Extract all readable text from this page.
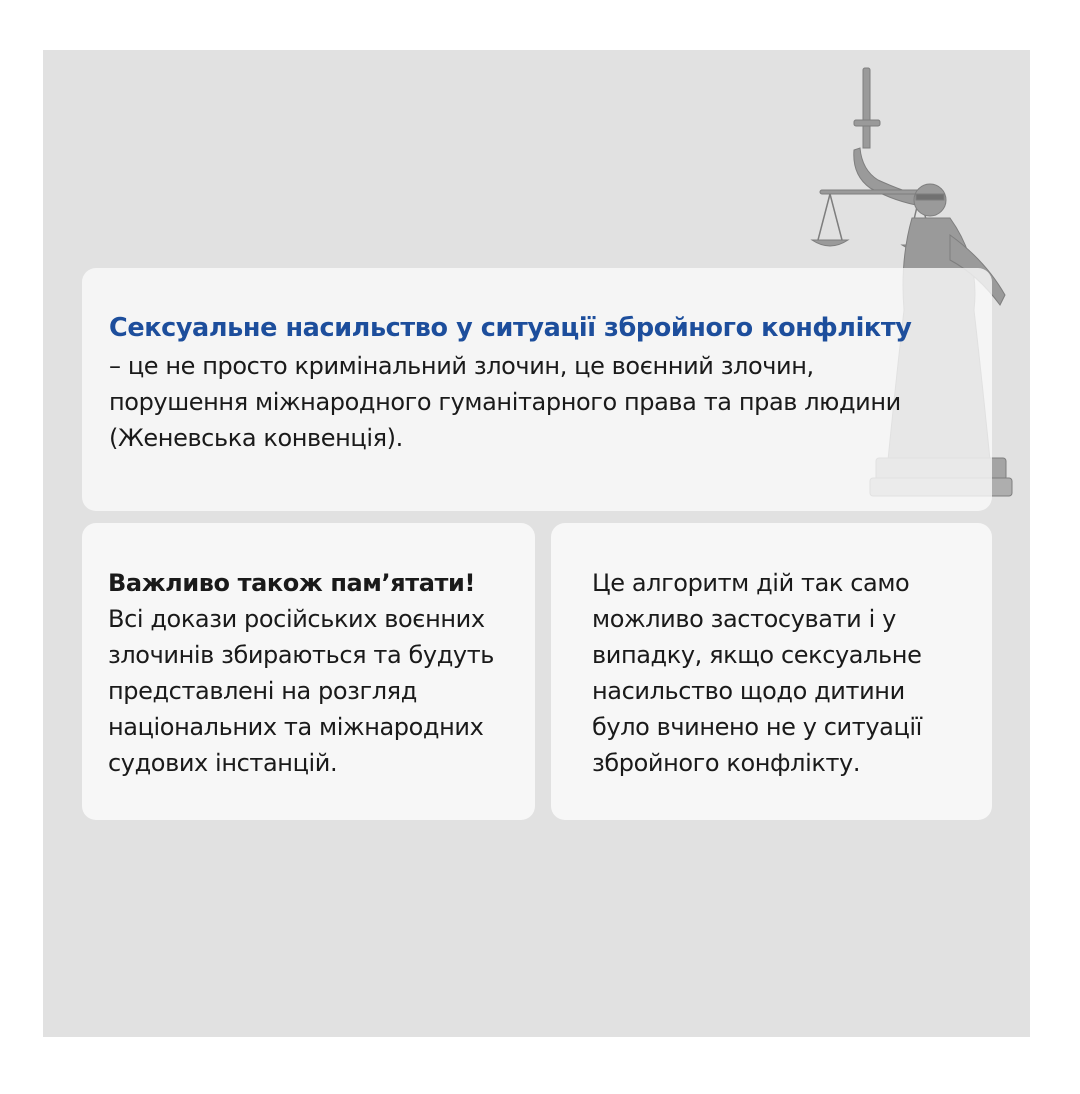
Сексуальне насильство у ситуації збройного конфлікту
– це не просто кримінальний злочин, це воєнний злочин,
порушення міжнародного гуманітарного права та прав людини
(Женевська конвенція).
Важливо також пам’ятати!
Всі докази російських воєнних
злочинів збираються та будуть
представлені на розгляд
національних та міжнародних
судових інстанцій.
Це алгоритм дій так само
можливо застосувати і у
випадку, якщо сексуальне
насильство щодо дитини
було вчинено не у ситуації
збройного конфлікту.
